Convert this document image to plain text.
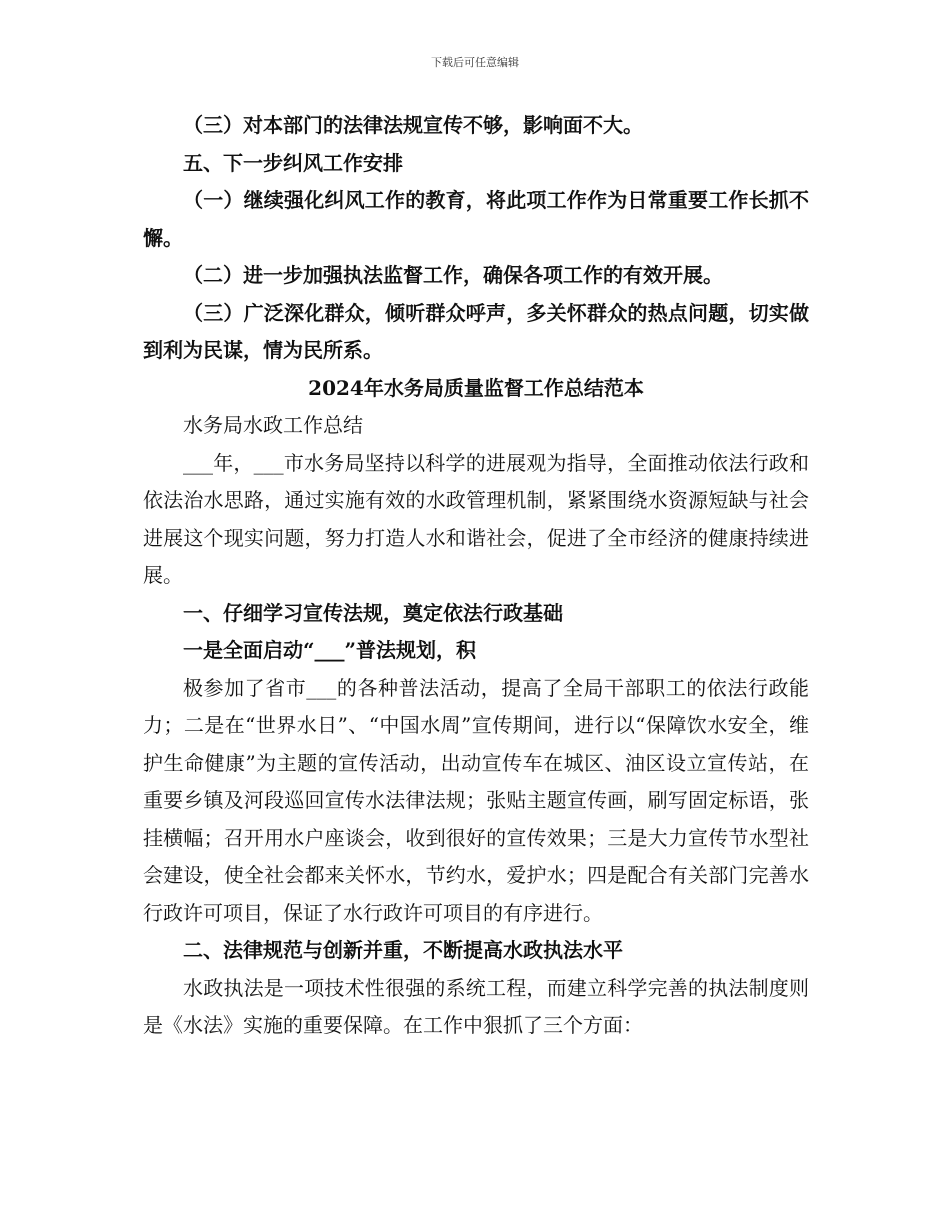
下载后可任意编辑

（三）对本部门的法律法规宣传不够，影响面不大。

五、下一步纠风工作安排

（一）继续强化纠风工作的教育，将此项工作作为日常重要工作长抓不懈。

（二）进一步加强执法监督工作，确保各项工作的有效开展。

（三）广泛深化群众，倾听群众呼声，多关怀群众的热点问题，切实做到利为民谋，情为民所系。

2024年水务局质量监督工作总结范本

水务局水政工作总结

___年，___市水务局坚持以科学的进展观为指导，全面推动依法行政和依法治水思路，通过实施有效的水政管理机制，紧紧围绕水资源短缺与社会进展这个现实问题，努力打造人水和谐社会，促进了全市经济的健康持续进展。

一、仔细学习宣传法规，奠定依法行政基础

一是全面启动“___”普法规划，积

极参加了省市___的各种普法活动，提高了全局干部职工的依法行政能力；二是在“世界水日”、“中国水周”宣传期间，进行以“保障饮水安全，维护生命健康”为主题的宣传活动，出动宣传车在城区、油区设立宣传站，在重要乡镇及河段巡回宣传水法律法规；张贴主题宣传画，刷写固定标语，张挂横幅；召开用水户座谈会，收到很好的宣传效果；三是大力宣传节水型社会建设，使全社会都来关怀水，节约水，爱护水；四是配合有关部门完善水行政许可项目，保证了水行政许可项目的有序进行。

二、法律规范与创新并重，不断提高水政执法水平

水政执法是一项技术性很强的系统工程，而建立科学完善的执法制度则是《水法》实施的重要保障。在工作中狠抓了三个方面：
